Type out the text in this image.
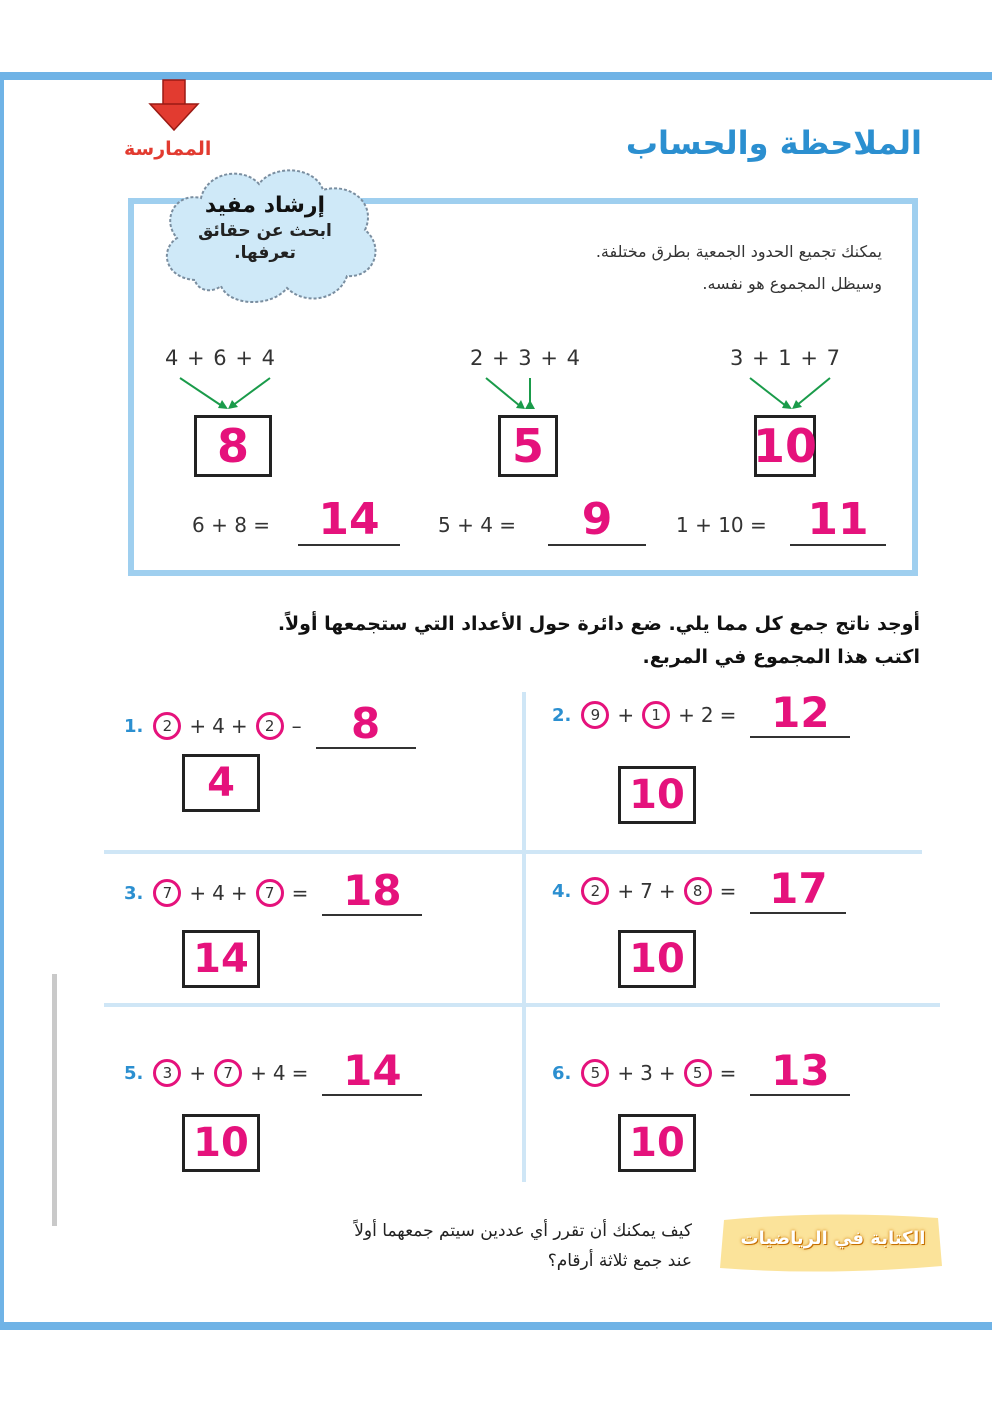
الملاحظة والحساب
الممارسة
إرشاد مفيد
ابحث عن حقائق
تعرفها.	يمكنك تجميع الحدود الجمعية بطرق مختلفة.
وسيظل المجموع هو نفسه.
4 + 6 + 4
8
6 + 8 =	14
2 + 3 + 4
5
5 + 4 =	9
3 + 1 + 7
10
1 + 10 = 11
أوجد ناتج جمع كل مما يلي. ضع دائرة حول الأعداد التي ستجمعها أولاً.
اكتب هذا المجموع في المربع.
1.	2 + 4 +	2 –	8
4
2.	9 +	1 + 2 = 12
10
3.	7 + 4 +	7 = 18
14
4.	2 + 7 +	8 = 17
10
5.	3 +	7 + 4 = 14
10
6.	5 + 3 +	5 = 13
10
الكتابة في الرياضيات
كيف يمكنك أن تقرر أي عددين سيتم جمعهما أولاً
عند جمع ثلاثة أرقام؟
